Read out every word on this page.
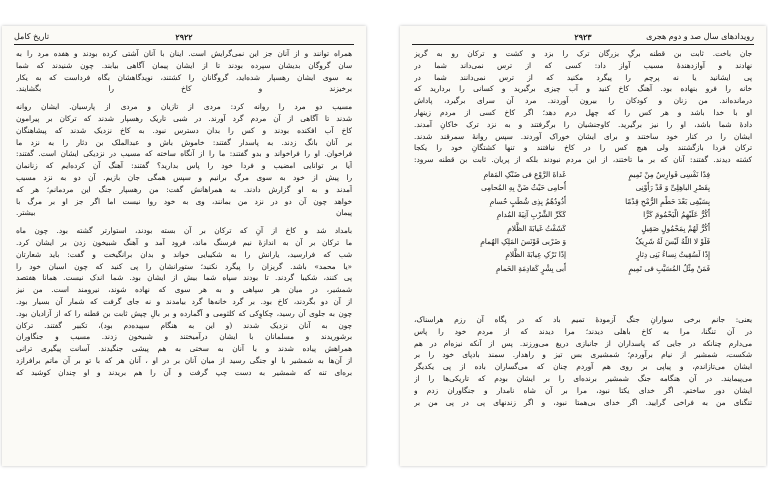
۲۹۲۲
تاریخ کامل
همراه توانند و از آنان جز این نمی‌گرایش است. اینان با آنان آشتی کرده بودند و هفده مرد را به
سان گروگان بدیشان سپرده بودند تا از ایشان پیمان آگاهی بیابند. چون شنیدند که شما
به سوی ایشان رهسپار شده‌اید، گروگانان را کشتند، نویدگاهشان بگاه فرداست که به یکار
برخیزند و کاخ را بگشایند.
مسیب دو مرد را روانه کرد: مردی از تازیان و مردی از پارسیان. ایشان روانه
شدند تا آگاهی از آن مردم گرد آورند. در شبی تاریک رهسپار شدند که ترکان بر پیرامون
کاخ آب افکنده بودند و کس را بدان دسترس نبود. به کاخ نزدیک شدند که پیشاهنگان
بر آنان بانگ زدند. به پاسدار گفتند: خاموش باش و عبدالملک بن دثار را به نزد ما
فراخوان. او را فراخواند و بدو گفتند: ما را از آنگاه ساخته که مسیب در نزدیکی ایشان است. گفتند:
آیا بر توانایی امضیب و فردا خود را پاس بدارید؟ گفتند: آهنگ آن کرده‌ایم که زنانمان
را پیش از خود به سوی مرگ برانیم و سپس همگی جان بازیم. آن دو به نزد مسیب
آمدند و به او گزارش دادند. به همراهانش گفت: من رهسپار جنگ این مردمانم؛ هر که
خواهد چون آن دو در نزد من بمانند، وی به خود روا نیست اما اگر جز او بر مرگ با
پیمان بیشتر.
بامداد شد و کاخ از آنِ که ترکان بر آن بسته بودند، استوارتر گشته بود. چون ماه
ما ترکان بر آن به اندازهٔ نیم فرسنگ ماند، فرود آمد و آهنگ شبیخون زدن بر ایشان کرد.
شب که فرارسید، یارانش را به شکیبایی خواند و بدان برانگیخت و گفت: باید شعارتان
«یا محمد» باشد. گریزان را پیگرد نکنید؛ ستورانشان را پی کنید که چون اسبان خود را
پی کنند، شکیبا گردند. تا بودند سپاه شما بیش از ایشان بود. شما اندک نیست. همانا هفتصد
شمشیر، در میان هر سپاهی و به هر سوی که نهاده شوند، نیرومند است. من نیز
از آن دو بگردند، کاخ بود. بر گرد خانه‌ها گرد بیامدند و نه جای گرفت که شمار آن بسیار بود.
چون به جلوی آن رسید، چکاوِکی که کلثومی و آگمارده و بر بالِ چپش ثابت بن قطنه را که از آزادیان بود.
چون به آنان نزدیک شدند (و این به هنگام سپیده‌دم بود)، تکبیر گفتند. ترکان
برشوریدند و مسلمانان با ایشان درآمیختند و شبیخون زدند. مسیب و جنگاوران
همراهش پیاده شدند و با آنان به سختی به هم پیشی جنگیدند. آسانت پیگیری ترانی
از آن‌ها به شمشیر با او جنگی رسید از میان آنان بر در او ، آنان هر که با تو بر آن ماتم برافرازد
بره‌ای تنه که شمشیر به دست چپ گرفت و آن را هم بریدند و او چندان کوشید که
۲۹۲۳	رویدادهای سال صد و دوم هجری
جان باخت. ثابت بن قطنه برگِ بزرگان ترک را بزد و کشت و ترکان رو به گریز
نهادند و آوازدهندهٔ مسیب آواز داد: کسی که از ترس نمی‌داند شما در
پی ایشانید یا نه پرچم را پیگرد مکنید که از ترس نمی‌دانند شما در
خانه را فرو بنهاده بود. آهنگ کاخ کنید و آب چیزی برگیرید و کسانی را بردارید که
درمانده‌اند. من زنان و کودکان را بیرون آوردند. مرد آن سرای برگیرد، پاداش
او با خدا باشد و هر کس را که چهل درم دهد؛ اگر کاخ کسی از مردم زینهار
دادهٔ شما باشد، او را نیز برگیرید. کاوجنشیان را برگرفتند و به نزد ترک خاکانِ آمدند.
ایشان را در کنار خود ساختند و برای ایشان خوراک آوردند. سپس روانهٔ سمرقند شدند.
ترکان فردا بازگشتند ولی هیچ کس را در کاخ نیافتند و تنها کشتگانِ خود را یکجا
کشته دیدند. گفتند: آنان که بر ما تاختند، از این مردم نبودند بلکه از پریان. ثابت بن قطنه سرود:
فِدًا نَفْسِی فَوارِسُ مِنْ تَمِیمٍ
بِقَصْرِ الباهِلِیِّ وَ قَدْ رَأَوْنِی
بِسَیْفِی بَعْدَ حَطْمِ الرُّمْحِ قِدْمًا
أَکُرُّ عَلَیْهِمُ الْیَحْمُومَ کَرًّا
أَکُرُّ لَهُمْ بِمَحْمُولٍ صَقِیلٍ
فَلَوْ لا اللّهُ لَیْسَ لَهُ شَرِیکٌ
إِذًا لَسُقِیتُ نِساءُ بَنِی دِثارٍ
فَمَنْ مِثْلُ المُسَیَّبِ فی تَمِیمٍ
غَداةَ الرَّوْعِ فی ضَنْکِ المَقامِ
أُحامِی حَیْثُ ضَنَّ بِهِ المُحامِی
أَذُودُهُمُ بِذِی شُطَبٍ حُسامِ
کَکَرِّ الشَّرْبِ آنِیَةَ المُدامِ
کَشَفْتُ غَیابَةَ الظَّلامِ
وَ ضَرْبی قَوْنَسَ المَلِکِ الهُمامِ
إذًا تَرْکِ عِیابَةَ الظَّلامِ
أَبی بِشْرٍ کَقادِمَةِ الحَمامِ
یعنی: جانم برخی سوارانِ جنگ آزمودهٔ تمیم باد که در پگاه آن رزم هراسناک،
در آن تنگنا، مرا به کاخ باهلی دیدند؛ مرا دیدند که از مردم خود را پاس
می‌دارم چنانکه در جایی که پاسداران از جانبازی دریغ می‌ورزند. پس از آنکه نیزه‌ام در هم
شکست، شمشیر از نیام برآوردم؛ شمشیری بس تیز و راهدار. سمند بادپای خود را بر
ایشان می‌تازاندم، و پیاپی بر روی هم آوردم چنان که می‌گساران باده از پی یکدیگر
می‌پیمایند. در آن هنگامه جنگ شمشیر برنده‌ای را بر ایشان بودم که تاریکی‌ها را از
ایشان دور ساختم. اگر خدای یکتا نبود، مرا بر آن شاه نامدار و جنگاوران زدم و
تنگنای من به فراخی گرایید. اگر خدای بی‌همتا نبود، و اگر زندنهای پی در پی من بر
